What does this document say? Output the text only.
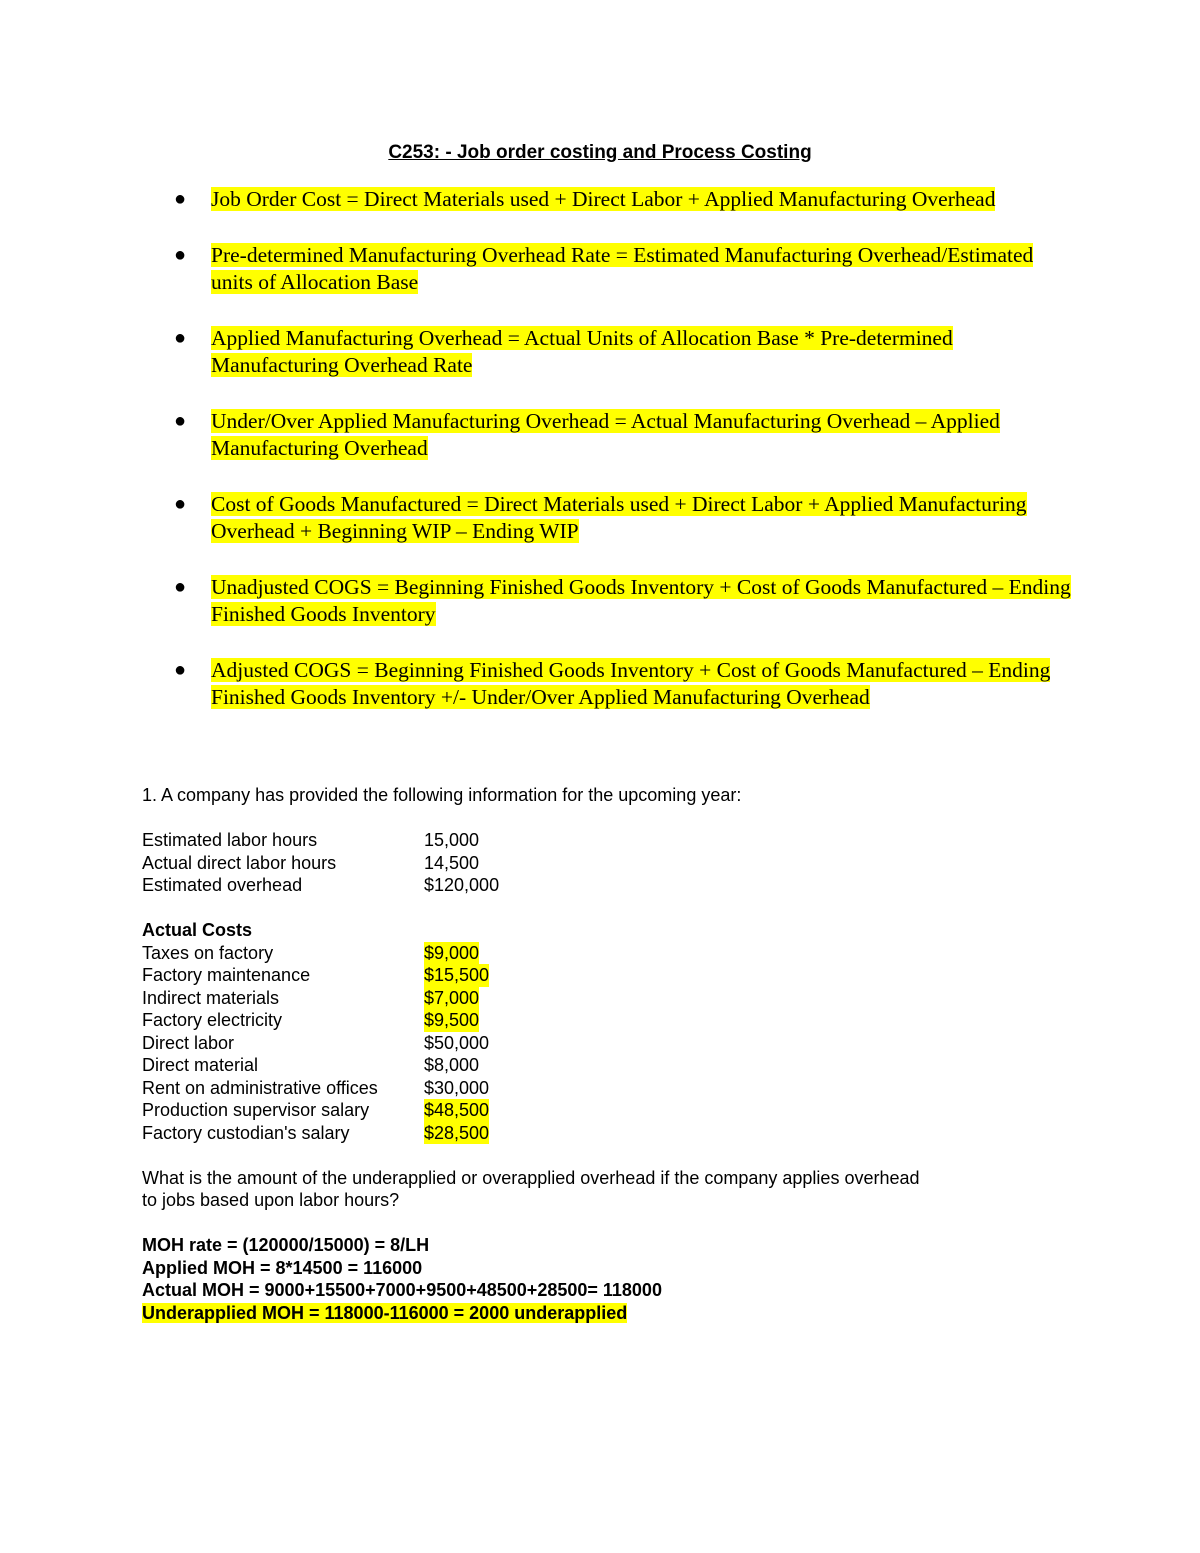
C253: - Job order costing and Process Costing
● Job Order Cost = Direct Materials used + Direct Labor + Applied Manufacturing Overhead
● Pre-determined Manufacturing Overhead Rate = Estimated Manufacturing Overhead/Estimated units of Allocation Base
● Applied Manufacturing Overhead = Actual Units of Allocation Base * Pre-determined Manufacturing Overhead Rate
● Under/Over Applied Manufacturing Overhead = Actual Manufacturing Overhead – Applied Manufacturing Overhead
● Cost of Goods Manufactured = Direct Materials used + Direct Labor + Applied Manufacturing Overhead + Beginning WIP – Ending WIP
● Unadjusted COGS = Beginning Finished Goods Inventory + Cost of Goods Manufactured – Ending Finished Goods Inventory
● Adjusted COGS = Beginning Finished Goods Inventory + Cost of Goods Manufactured – Ending Finished Goods Inventory +/- Under/Over Applied Manufacturing Overhead

1. A company has provided the following information for the upcoming year:

Estimated labor hours	15,000
Actual direct labor hours	14,500
Estimated overhead	$120,000
Actual Costs
Taxes on factory	$9,000
Factory maintenance	$15,500
Indirect materials	$7,000
Factory electricity	$9,500
Direct labor	$50,000
Direct material	$8,000
Rent on administrative offices	$30,000
Production supervisor salary	$48,500
Factory custodian's salary	$28,500

What is the amount of the underapplied or overapplied overhead if the company applies overhead

to jobs based upon labor hours?

MOH rate = (120000/15000) = 8/LH

Applied MOH = 8*14500 = 116000

Actual MOH = 9000+15500+7000+9500+48500+28500= 118000

Underapplied MOH = 118000-116000 = 2000 underapplied
